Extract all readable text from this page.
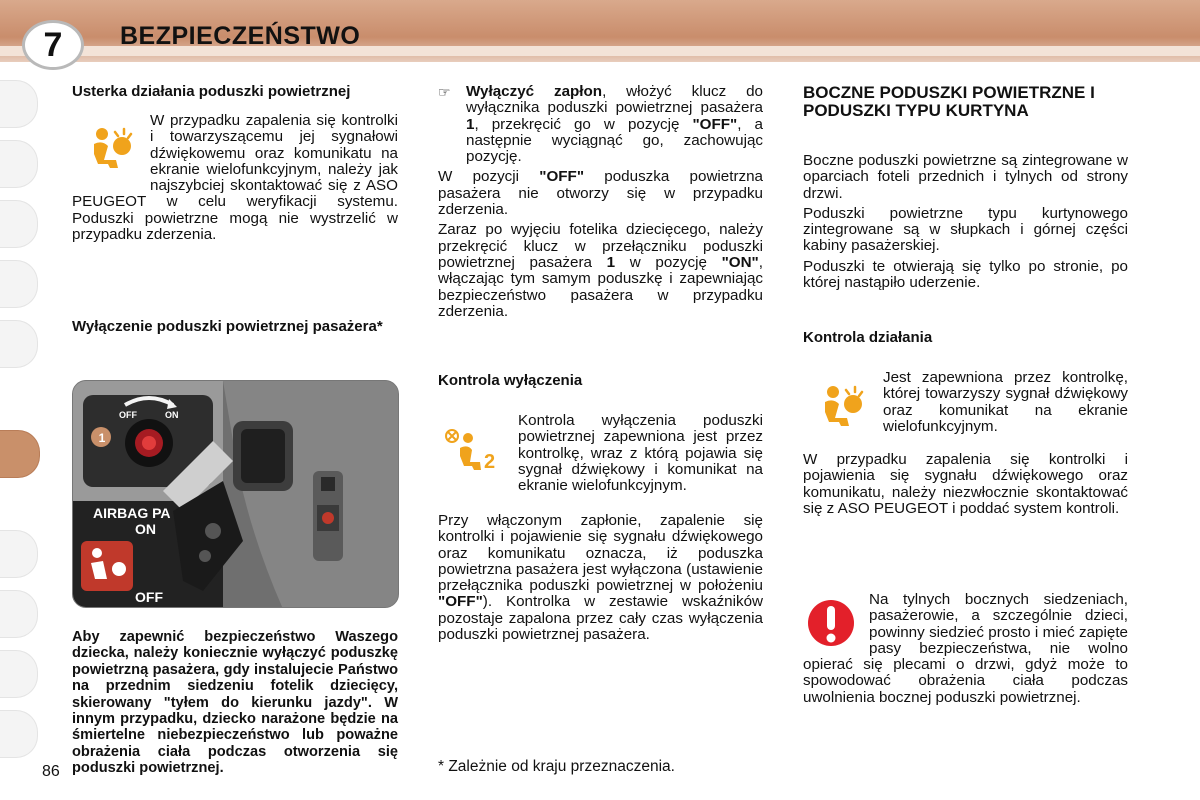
7	BEZPIECZEŃSTWO
Usterka działania poduszki powietrznej
W przypadku zapalenia się kontrolki i towarzyszącemu jej sygnałowi dźwiękowemu oraz komunikatu na ekranie wielofunkcyjnym, należy jak najszybciej skontaktować się z ASO PEUGEOT w celu weryfikacji systemu. Poduszki powietrzne mogą nie wystrzelić w przypadku zderzenia.
Wyłączenie poduszki powietrznej pasażera*
1
OFF	ON
AIRBAG PA
ON
OFF
Aby zapewnić bezpieczeństwo Waszego dziecka, należy koniecznie wyłączyć poduszkę powietrzną pasażera, gdy instalujecie Państwo na przednim siedzeniu fotelik dziecięcy, skierowany "tyłem do kierunku jazdy". W innym przypadku, dziecko narażone będzie na śmiertelne niebezpieczeństwo lub poważne obrażenia ciała podczas otworzenia się poduszki powietrznej.
86
☞	Wyłączyć zapłon, włożyć klucz do wyłącznika poduszki powietrznej pasażera 1, przekręcić go w pozycję "OFF", a następnie wyciągnąć go, zachowując pozycję.

W pozycji "OFF" poduszka powietrzna pasażera nie otworzy się w przypadku zderzenia.

Zaraz po wyjęciu fotelika dziecięcego, należy przekręcić klucz w przełączniku poduszki powietrznej pasażera 1 w pozycję "ON", włączając tym samym poduszkę i zapewniając bezpieczeństwo pasażera w przypadku zderzenia.

Kontrola wyłączenia
2
Kontrola wyłączenia poduszki powietrznej zapewniona jest przez kontrolkę, wraz z którą pojawia się sygnał dźwiękowy i komunikat na ekranie wielofunkcyjnym.

Przy włączonym zapłonie, zapalenie się kontrolki i pojawienie się sygnału dźwiękowego oraz komunikatu oznacza, iż poduszka powietrzna pasażera jest wyłączona (ustawienie przełącznika poduszki powietrznej w położeniu "OFF"). Kontrolka w zestawie wskaźników pozostaje zapalona przez cały czas wyłączenia poduszki powietrznej pasażera.

* Zależnie od kraju przeznaczenia.
BOCZNE PODUSZKI POWIETRZNE I PODUSZKI TYPU KURTYNA

Boczne poduszki powietrzne są zintegrowane w oparciach foteli przednich i tylnych od strony drzwi.

Poduszki powietrzne typu kurtynowego zintegrowane są w słupkach i górnej części kabiny pasażerskiej.

Poduszki te otwierają się tylko po stronie, po której nastąpiło uderzenie.

Kontrola działania
Jest zapewniona przez kontrolkę, której towarzyszy sygnał dźwiękowy oraz komunikat na ekranie wielofunkcyjnym.

W przypadku zapalenia się kontrolki i pojawienia się sygnału dźwiękowego oraz komunikatu, należy niezwłocznie skontaktować się z ASO PEUGEOT i poddać system kontroli.

Na tylnych bocznych siedzeniach, pasażerowie, a szczególnie dzieci, powinny siedzieć prosto i mieć zapięte pasy bezpieczeństwa, nie wolno opierać się plecami o drzwi, gdyż może to spowodować obrażenia ciała podczas uwolnienia bocznej poduszki powietrznej.
